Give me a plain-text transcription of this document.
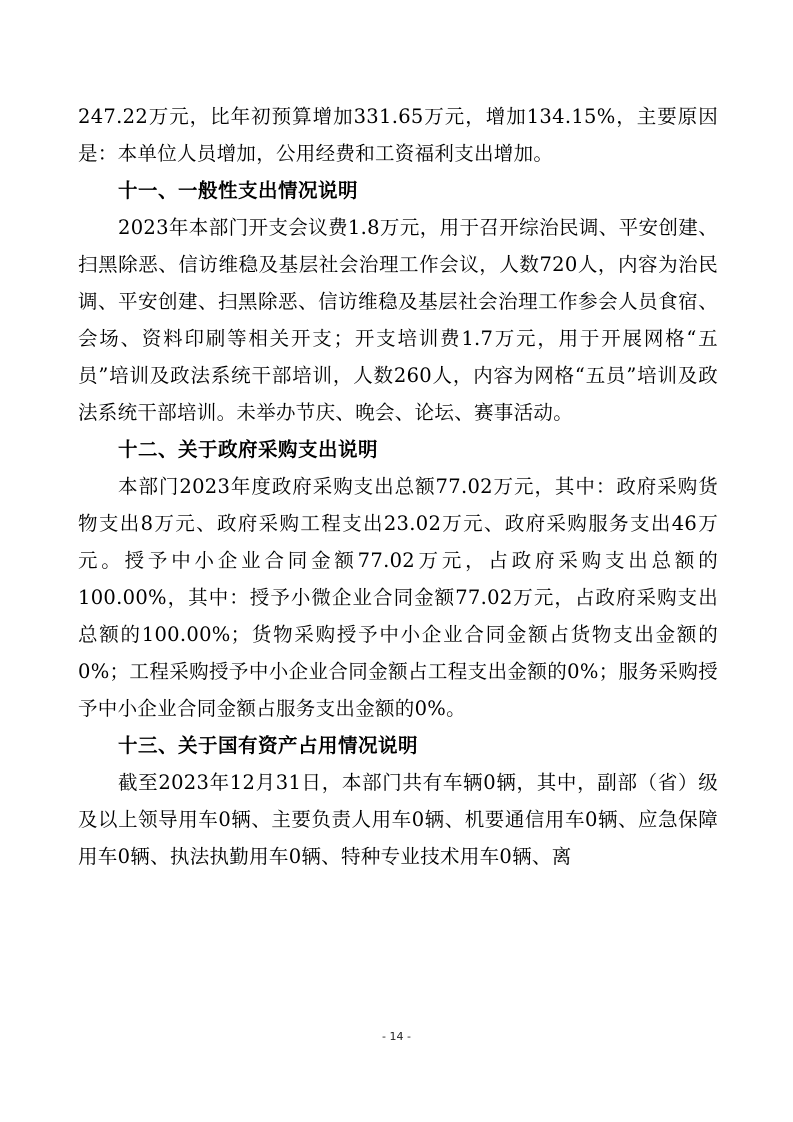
247.22万元，比年初预算增加331.65万元，增加134.15%，主要原因是：本单位人员增加，公用经费和工资福利支出增加。

十一、一般性支出情况说明

2023年本部门开支会议费1.8万元，用于召开综治民调、平安创建、扫黑除恶、信访维稳及基层社会治理工作会议，人数720人，内容为治民调、平安创建、扫黑除恶、信访维稳及基层社会治理工作参会人员食宿、会场、资料印刷等相关开支；开支培训费1.7万元，用于开展网格“五员”培训及政法系统干部培训，人数260人，内容为网格“五员”培训及政法系统干部培训。未举办节庆、晚会、论坛、赛事活动。

十二、关于政府采购支出说明

本部门2023年度政府采购支出总额77.02万元，其中：政府采购货物支出8万元、政府采购工程支出23.02万元、政府采购服务支出46万元。授予中小企业合同金额77.02万元，占政府采购支出总额的100.00%，其中：授予小微企业合同金额77.02万元，占政府采购支出总额的100.00%；货物采购授予中小企业合同金额占货物支出金额的0%；工程采购授予中小企业合同金额占工程支出金额的0%；服务采购授予中小企业合同金额占服务支出金额的0%。

十三、关于国有资产占用情况说明

截至2023年12月31日，本部门共有车辆0辆，其中，副部（省）级及以上领导用车0辆、主要负责人用车0辆、机要通信用车0辆、应急保障用车0辆、执法执勤用车0辆、特种专业技术用车0辆、离

- 14 -
